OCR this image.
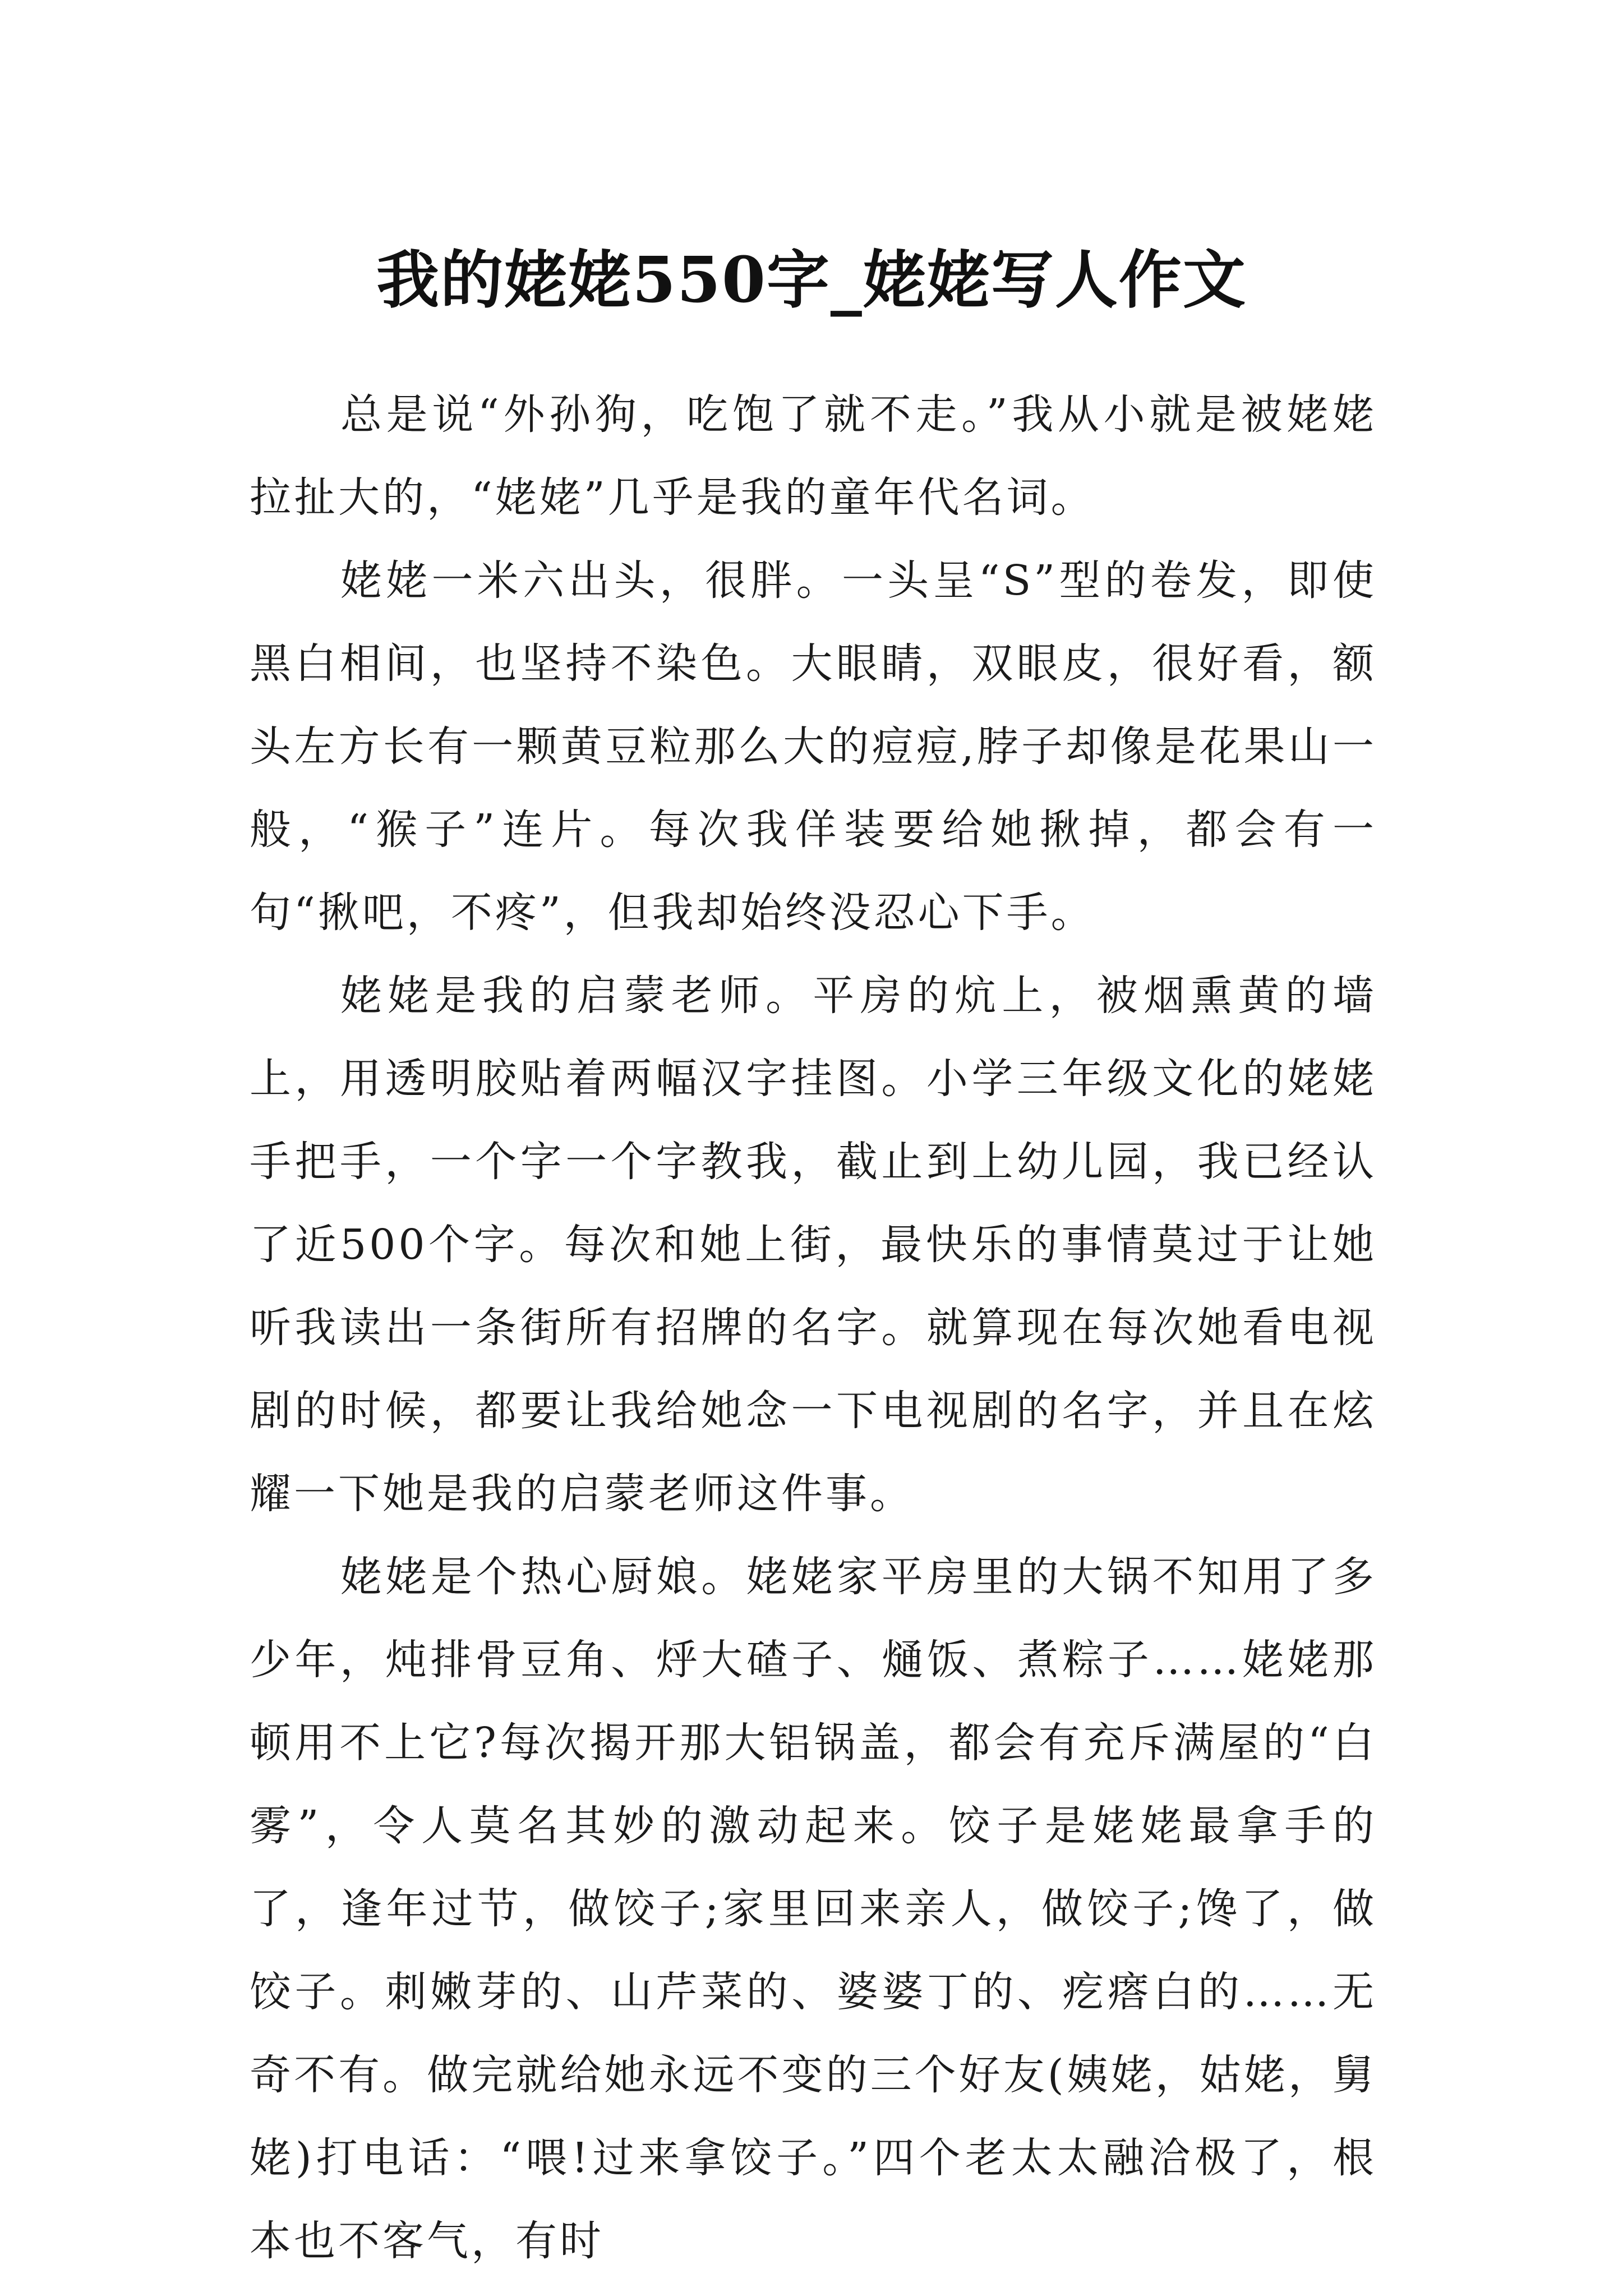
我的姥姥550字_姥姥写人作文

总是说“外孙狗，吃饱了就不走。”我从小就是被姥姥拉扯大的，“姥姥”几乎是我的童年代名词。

姥姥一米六出头，很胖。一头呈“S”型的卷发，即使黑白相间，也坚持不染色。大眼睛，双眼皮，很好看，额头左方长有一颗黄豆粒那么大的痘痘,脖子却像是花果山一般，“猴子”连片。每次我佯装要给她揪掉，都会有一句“揪吧，不疼”，但我却始终没忍心下手。

姥姥是我的启蒙老师。平房的炕上，被烟熏黄的墙上，用透明胶贴着两幅汉字挂图。小学三年级文化的姥姥手把手，一个字一个字教我，截止到上幼儿园，我已经认了近500个字。每次和她上街，最快乐的事情莫过于让她听我读出一条街所有招牌的名字。就算现在每次她看电视剧的时候，都要让我给她念一下电视剧的名字，并且在炫耀一下她是我的启蒙老师这件事。

姥姥是个热心厨娘。姥姥家平房里的大锅不知用了多少年，炖排骨豆角、烀大碴子、熥饭、煮粽子……姥姥那顿用不上它?每次揭开那大铝锅盖，都会有充斥满屋的“白雾”，令人莫名其妙的激动起来。饺子是姥姥最拿手的了，逢年过节，做饺子;家里回来亲人，做饺子;馋了，做饺子。刺嫩芽的、山芹菜的、婆婆丁的、疙瘩白的……无奇不有。做完就给她永远不变的三个好友(姨姥，姑姥，舅姥)打电话：“喂!过来拿饺子。”四个老太太融洽极了，根本也不客气，有时
